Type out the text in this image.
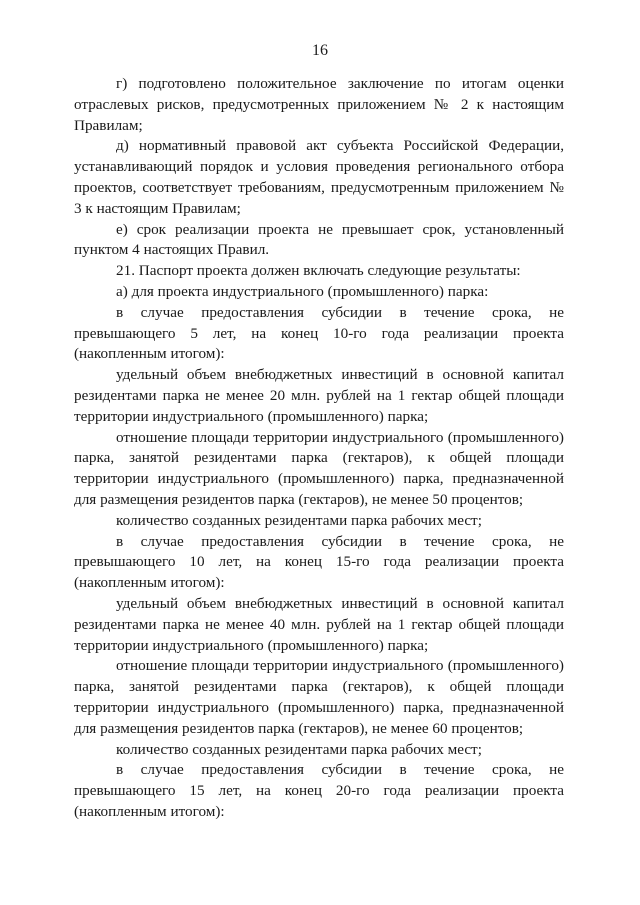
16

г) подготовлено положительное заключение по итогам оценки отраслевых рисков, предусмотренных приложением № 2 к настоящим Правилам;

д) нормативный правовой акт субъекта Российской Федерации, устанавливающий порядок и условия проведения регионального отбора проектов, соответствует требованиям, предусмотренным приложением № 3 к настоящим Правилам;

е) срок реализации проекта не превышает срок, установленный пунктом 4 настоящих Правил.

21. Паспорт проекта должен включать следующие результаты:

а) для проекта индустриального (промышленного) парка:

в случае предоставления субсидии в течение срока, не превышающего 5 лет, на конец 10-го года реализации проекта (накопленным итогом):

удельный объем внебюджетных инвестиций в основной капитал резидентами парка не менее 20 млн. рублей на 1 гектар общей площади территории индустриального (промышленного) парка;

отношение площади территории индустриального (промышленного) парка, занятой резидентами парка (гектаров), к общей площади территории индустриального (промышленного) парка, предназначенной для размещения резидентов парка (гектаров), не менее 50 процентов;

количество созданных резидентами парка рабочих мест;

в случае предоставления субсидии в течение срока, не превышающего 10 лет, на конец 15-го года реализации проекта (накопленным итогом):

удельный объем внебюджетных инвестиций в основной капитал резидентами парка не менее 40 млн. рублей на 1 гектар общей площади территории индустриального (промышленного) парка;

отношение площади территории индустриального (промышленного) парка, занятой резидентами парка (гектаров), к общей площади территории индустриального (промышленного) парка, предназначенной для размещения резидентов парка (гектаров), не менее 60 процентов;

количество созданных резидентами парка рабочих мест;

в случае предоставления субсидии в течение срока, не превышающего 15 лет, на конец 20-го года реализации проекта (накопленным итогом):
